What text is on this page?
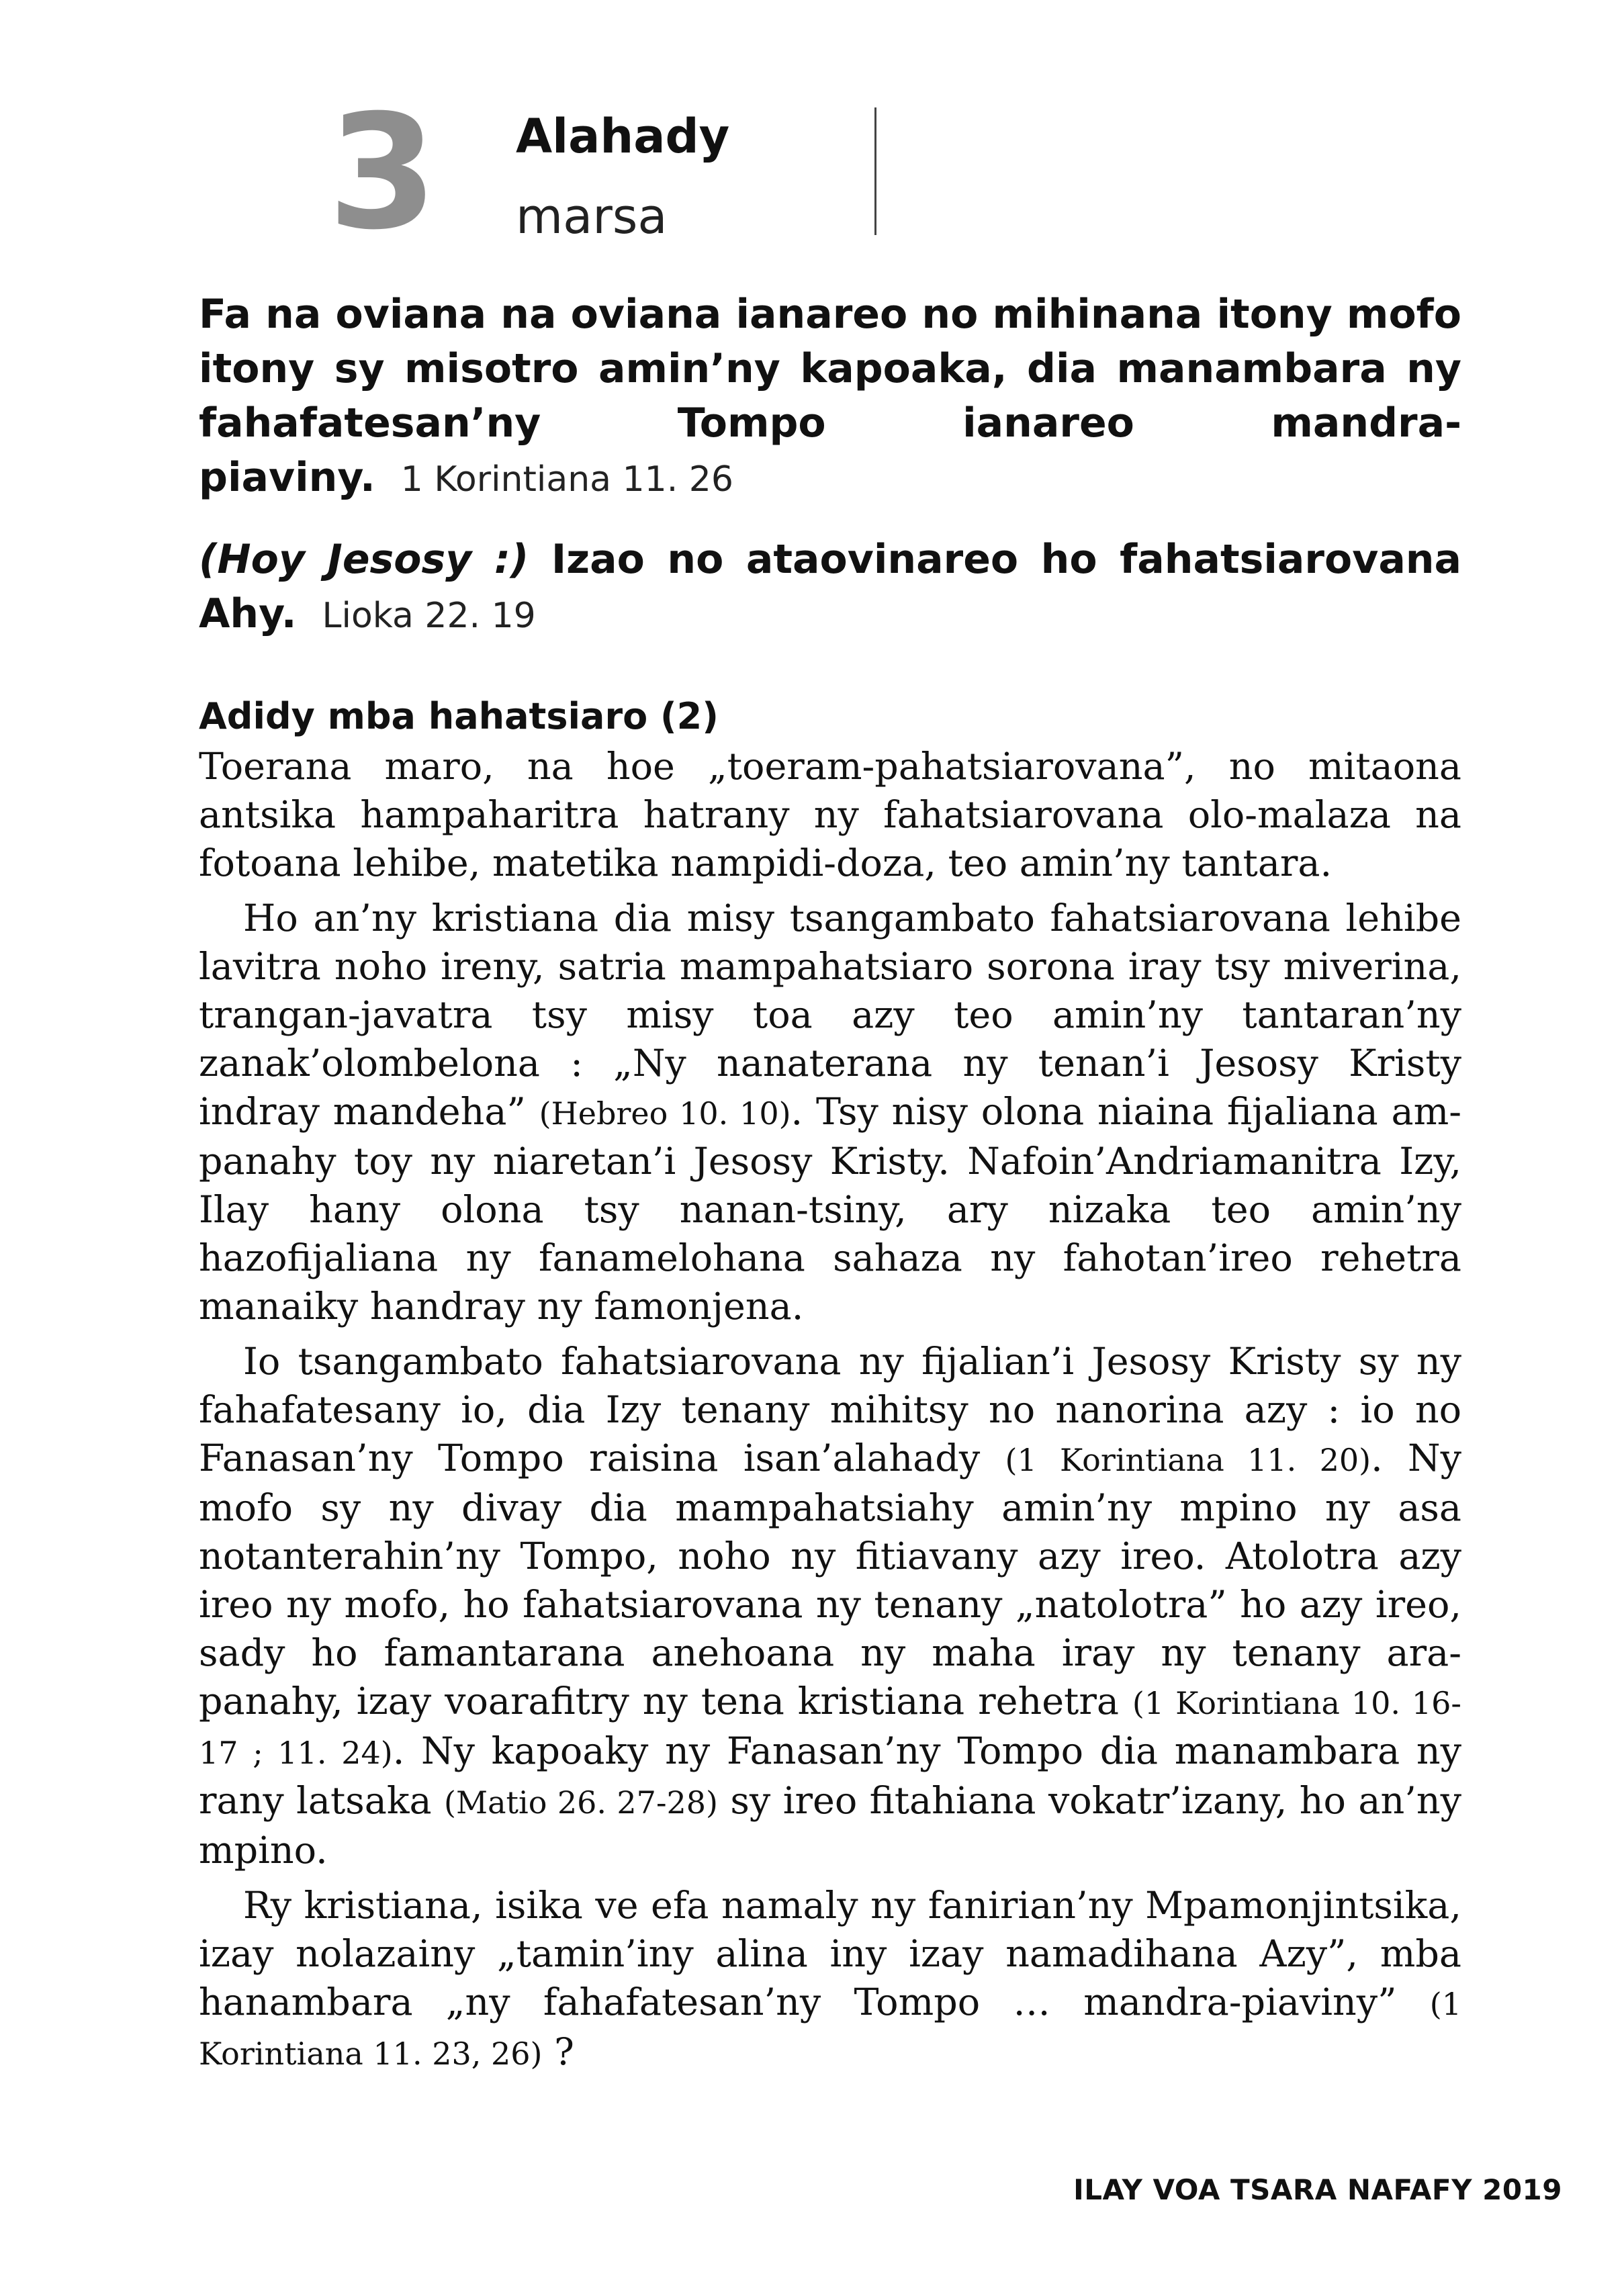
3 Alahady
marsa
Fa na oviana na oviana ianareo no mihinana itony mofo itony sy misotro amin’ny kapoaka, dia manambara ny fahafatesan’ny Tompo ianareo mandra-piaviny. 1 Korintiana 11. 26
(Hoy Jesosy :) Izao no ataovinareo ho fahatsiarovana Ahy. Lioka 22. 19
Adidy mba hahatsiaro (2)

Toerana maro, na hoe „toeram-pahatsiarovana”, no mitaona antsika hampaharitra hatrany ny fahatsiarovana olo-malaza na fotoana lehibe, matetika nampidi-doza, teo amin’ny tantara.

Ho an’ny kristiana dia misy tsangambato fahatsiarovana lehibe lavitra noho ireny, satria mampahatsiaro sorona iray tsy miverina, trangan-javatra tsy misy toa azy teo amin’ny tantaran’ny zanak’olombelona : „Ny nanaterana ny tenan’i Jesosy Kristy indray mandeha” (Hebreo 10. 10). Tsy nisy olona niaina fijaliana am-panahy toy ny niaretan’i Jesosy Kristy. Nafoin’Andriamanitra Izy, Ilay hany olona tsy nanan-tsiny, ary nizaka teo amin’ny hazofijaliana ny fanamelohana sahaza ny fahotan’ireo rehetra manaiky handray ny famonjena.

Io tsangambato fahatsiarovana ny fijalian’i Jesosy Kristy sy ny fahafatesany io, dia Izy tenany mihitsy no nanorina azy : io no Fanasan’ny Tompo raisina isan’alahady (1 Korintiana 11. 20). Ny mofo sy ny divay dia mampahatsiahy amin’ny mpino ny asa notanterahin’ny Tompo, noho ny fitiavany azy ireo. Atolotra azy ireo ny mofo, ho fahatsiarovana ny tenany „natolotra” ho azy ireo, sady ho famantarana anehoana ny maha iray ny tenany ara-panahy, izay voarafitry ny tena kristiana rehetra (1 Korintiana 10. 16-17 ; 11. 24). Ny kapoaky ny Fanasan’ny Tompo dia manambara ny rany latsaka (Matio 26. 27-28) sy ireo fitahiana vokatr’izany, ho an’ny mpino.

Ry kristiana, isika ve efa namaly ny fanirian’ny Mpamonjintsika, izay nolazainy „tamin’iny alina iny izay namadihana Azy”, mba hanambara „ny fahafatesan’ny Tompo … mandra-piaviny” (1 Korintiana 11. 23, 26) ?

ILAY VOA TSARA NAFAFY 2019
